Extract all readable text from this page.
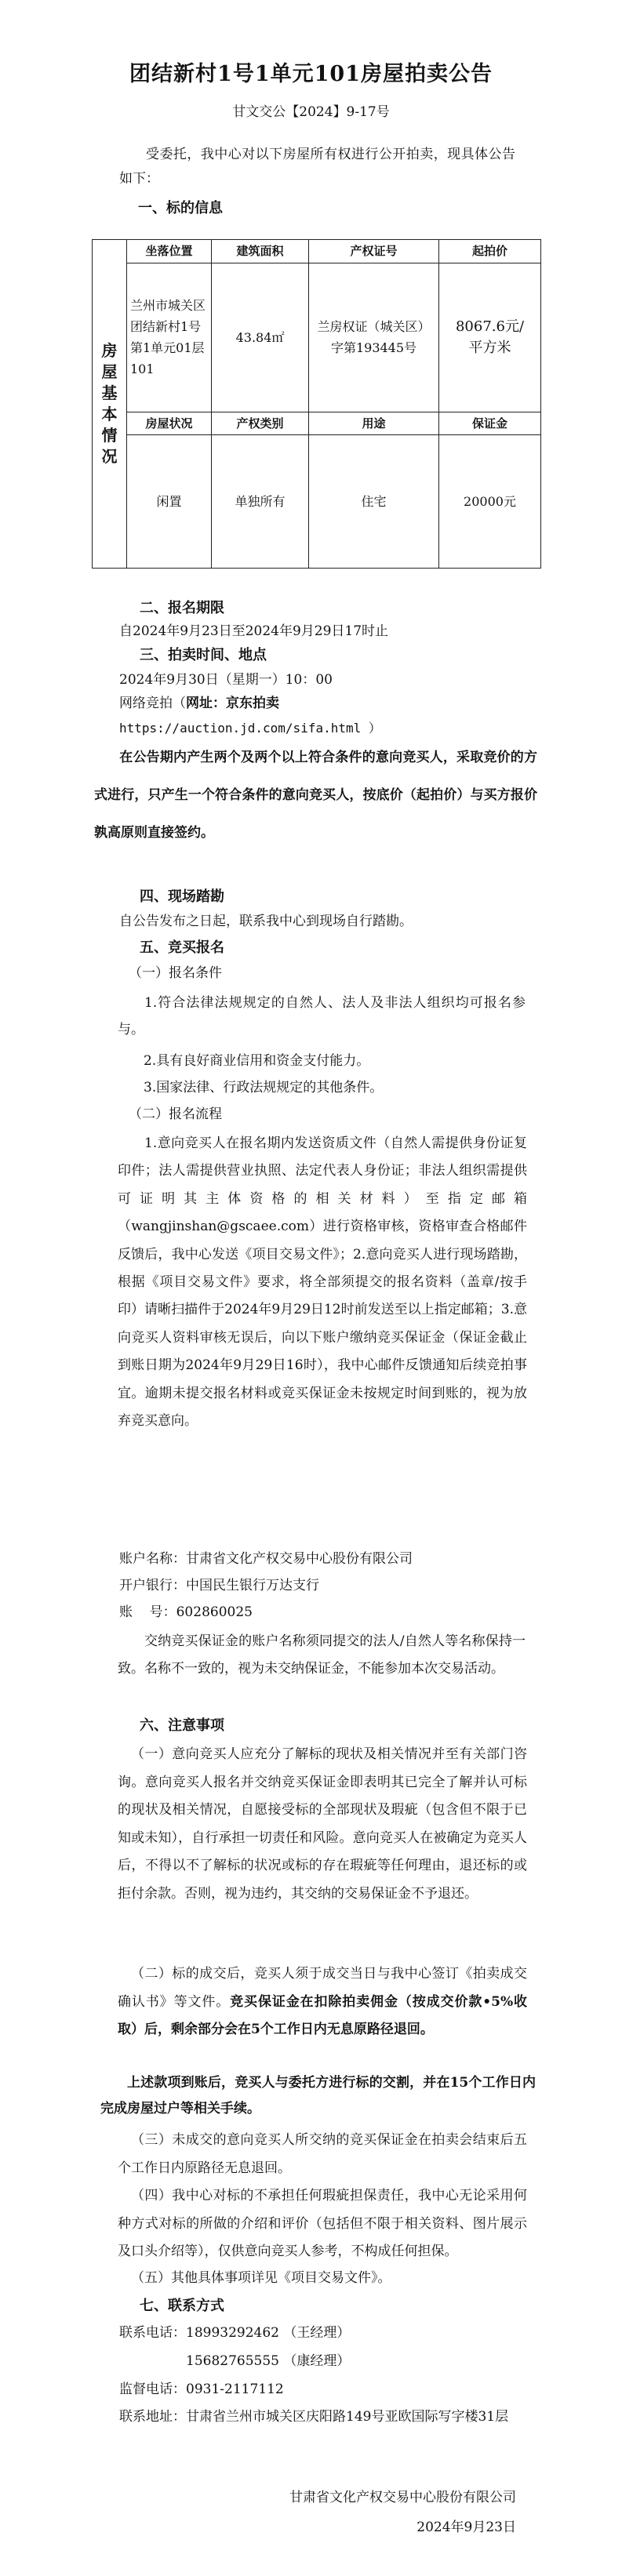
团结新村1号1单元101房屋拍卖公告
甘文交公【2024】9-17号
受委托，我中心对以下房屋所有权进行公开拍卖，现具体公告如下：
一、标的信息
房屋基本情况	坐落位置	建筑面积	产权证号	起拍价
	兰州市城关区团结新村1号第1单元01层101	43.84㎡	兰房权证（城关区）字第193445号	8067.6元/平方米
	房屋状况	产权类别	用途	保证金
	闲置	单独所有	住宅	20000元
二、报名期限
自2024年9月23日至2024年9月29日17时止
三、拍卖时间、地点
2024年9月30日（星期一）10：00
网络竞拍（网址：京东拍卖
https://auction.jd.com/sifa.html ）
在公告期内产生两个及两个以上符合条件的意向竞买人，采取竞价的方式进行，只产生一个符合条件的意向竞买人，按底价（起拍价）与买方报价孰高原则直接签约。
四、现场踏勘
自公告发布之日起，联系我中心到现场自行踏勘。
五、竞买报名
（一）报名条件
1.符合法律法规规定的自然人、法人及非法人组织均可报名参与。
2.具有良好商业信用和资金支付能力。
3.国家法律、行政法规规定的其他条件。
（二）报名流程
1.意向竞买人在报名期内发送资质文件（自然人需提供身份证复印件；法人需提供营业执照、法定代表人身份证；非法人组织需提供可证明其主体资格的相关材料）至指定邮箱（wangjinshan@gscaee.com）进行资格审核，资格审查合格邮件反馈后，我中心发送《项目交易文件》；2.意向竞买人进行现场踏勘，根据《项目交易文件》要求，将全部须提交的报名资料（盖章/按手印）请晰扫描件于2024年9月29日12时前发送至以上指定邮箱；3.意向竞买人资料审核无误后，向以下账户缴纳竞买保证金（保证金截止到账日期为2024年9月29日16时），我中心邮件反馈通知后续竞拍事宜。逾期未提交报名材料或竞买保证金未按规定时间到账的，视为放弃竞买意向。
账户名称：甘肃省文化产权交易中心股份有限公司
开户银行：中国民生银行万达支行
账    号：602860025
交纳竞买保证金的账户名称须同提交的法人/自然人等名称保持一致。名称不一致的，视为未交纳保证金，不能参加本次交易活动。
六、注意事项
（一）意向竞买人应充分了解标的现状及相关情况并至有关部门咨询。意向竞买人报名并交纳竞买保证金即表明其已完全了解并认可标的现状及相关情况，自愿接受标的全部现状及瑕疵（包含但不限于已知或未知），自行承担一切责任和风险。意向竞买人在被确定为竞买人后，不得以不了解标的状况或标的存在瑕疵等任何理由，退还标的或拒付余款。否则，视为违约，其交纳的交易保证金不予退还。
（二）标的成交后，竞买人须于成交当日与我中心签订《拍卖成交确认书》等文件。竞买保证金在扣除拍卖佣金（按成交价款•5%收取）后，剩余部分会在5个工作日内无息原路径退回。
上述款项到账后，竞买人与委托方进行标的交割，并在15个工作日内完成房屋过户等相关手续。
（三）未成交的意向竞买人所交纳的竞买保证金在拍卖会结束后五个工作日内原路径无息退回。
（四）我中心对标的不承担任何瑕疵担保责任，我中心无论采用何种方式对标的所做的介绍和评价（包括但不限于相关资料、图片展示及口头介绍等），仅供意向竞买人参考，不构成任何担保。
（五）其他具体事项详见《项目交易文件》。
七、联系方式
联系电话：18993292462 （王经理）
15682765555 （康经理）
监督电话：0931-2117112
联系地址：甘肃省兰州市城关区庆阳路149号亚欧国际写字楼31层
甘肃省文化产权交易中心股份有限公司
2024年9月23日
